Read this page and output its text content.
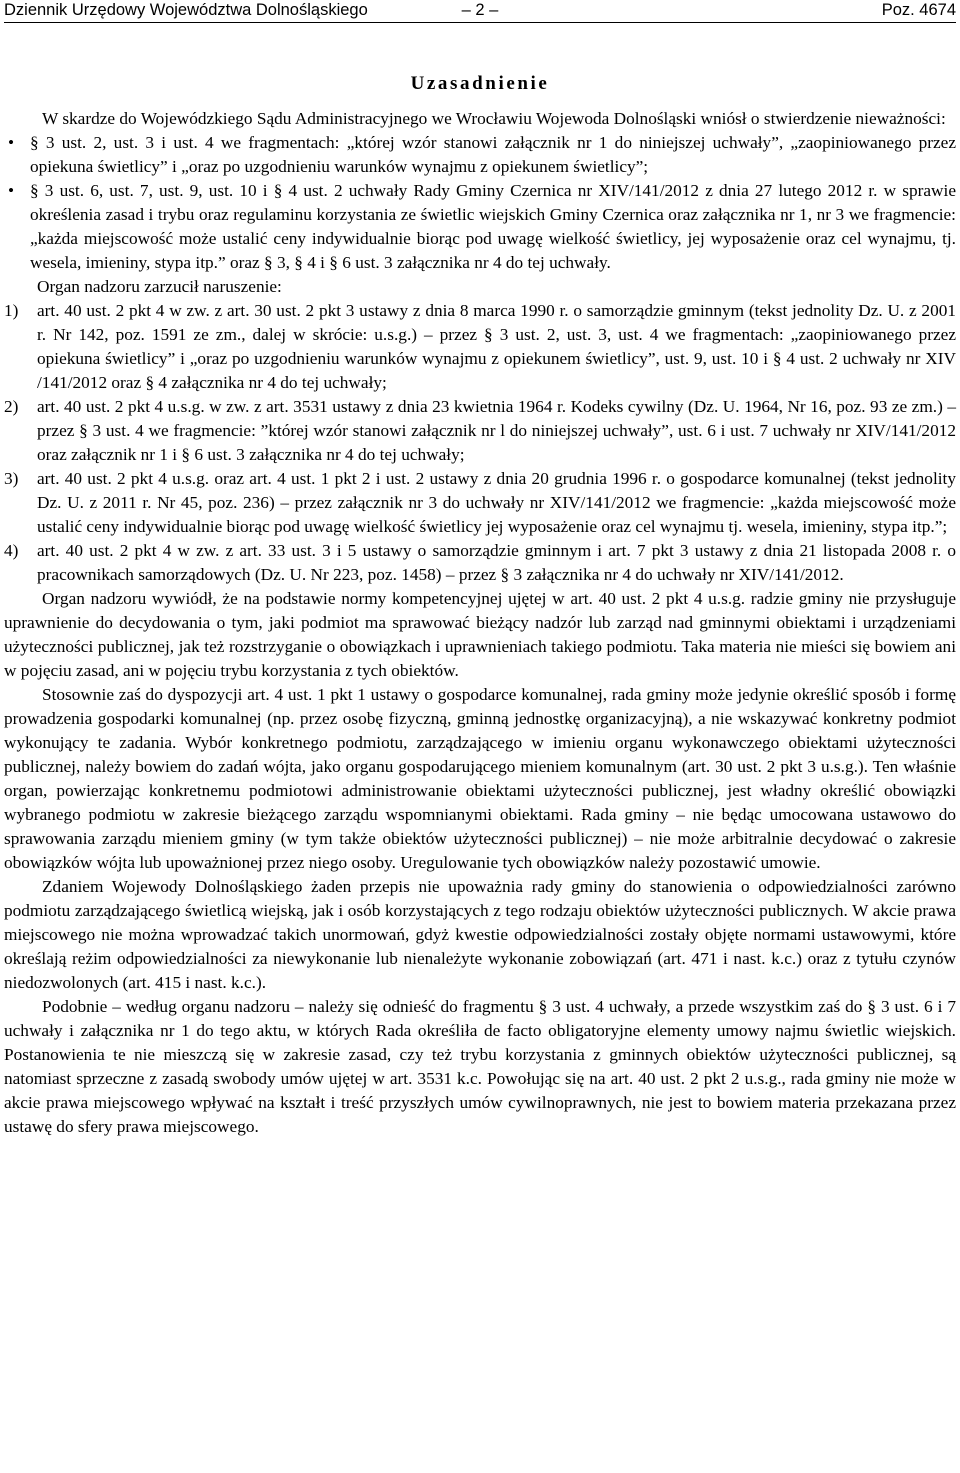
Dziennik Urzędowy Województwa Dolnośląskiego	– 2 –	Poz. 4674
Uzasadnienie

W skardze do Wojewódzkiego Sądu Administracyjnego we Wrocławiu Wojewoda Dolnośląski wniósł o stwierdzenie nieważności:

• § 3 ust. 2, ust. 3 i ust. 4 we fragmentach: „której wzór stanowi załącznik nr 1 do niniejszej uchwały”, „zaopiniowanego przez opiekuna świetlicy” i „oraz po uzgodnieniu warunków wynajmu z opiekunem świetlicy”;
• § 3 ust. 6, ust. 7, ust. 9, ust. 10 i § 4 ust. 2 uchwały Rady Gminy Czernica nr XIV/141/2012 z dnia 27 lutego 2012 r. w sprawie określenia zasad i trybu oraz regulaminu korzystania ze świetlic wiejskich Gminy Czernica oraz załącznika nr 1, nr 3 we fragmencie: „każda miejscowość może ustalić ceny indywidualnie biorąc pod uwagę wielkość świetlicy, jej wyposażenie oraz cel wynajmu, tj. wesela, imieniny, stypa itp.” oraz § 3, § 4 i § 6 ust. 3 załącznika nr 4 do tej uchwały.

Organ nadzoru zarzucił naruszenie:

1) art. 40 ust. 2 pkt 4 w zw. z art. 30 ust. 2 pkt 3 ustawy z dnia 8 marca 1990 r. o samorządzie gminnym (tekst jednolity Dz. U. z 2001 r. Nr 142, poz. 1591 ze zm., dalej w skrócie: u.s.g.) – przez § 3 ust. 2, ust. 3, ust. 4 we fragmentach: „zaopiniowanego przez opiekuna świetlicy” i „oraz po uzgodnieniu warunków wynajmu z opiekunem świetlicy”, ust. 9, ust. 10 i § 4 ust. 2 uchwały nr XIV /141/2012 oraz § 4 załącznika nr 4 do tej uchwały;
2) art. 40 ust. 2 pkt 4 u.s.g. w zw. z art. 3531 ustawy z dnia 23 kwietnia 1964 r. Kodeks cywilny (Dz. U. 1964, Nr 16, poz. 93 ze zm.) – przez § 3 ust. 4 we fragmencie: ”której wzór stanowi załącznik nr l do niniejszej uchwały”, ust. 6 i ust. 7 uchwały nr XIV/141/2012 oraz załącznik nr 1 i § 6 ust. 3 załącznika nr 4 do tej uchwały;
3) art. 40 ust. 2 pkt 4 u.s.g. oraz art. 4 ust. 1 pkt 2 i ust. 2 ustawy z dnia 20 grudnia 1996 r. o gospodarce komunalnej (tekst jednolity Dz. U. z 2011 r. Nr 45, poz. 236) – przez załącznik nr 3 do uchwały nr XIV/141/2012 we fragmencie: „każda miejscowość może ustalić ceny indywidualnie biorąc pod uwagę wielkość świetlicy jej wyposażenie oraz cel wynajmu tj. wesela, imieniny, stypa itp.”;
4) art. 40 ust. 2 pkt 4 w zw. z art. 33 ust. 3 i 5 ustawy o samorządzie gminnym i art. 7 pkt 3 ustawy z dnia 21 listopada 2008 r. o pracownikach samorządowych (Dz. U. Nr 223, poz. 1458) – przez § 3 załącznika nr 4 do uchwały nr XIV/141/2012.

Organ nadzoru wywiódł, że na podstawie normy kompetencyjnej ujętej w art. 40 ust. 2 pkt 4 u.s.g. radzie gminy nie przysługuje uprawnienie do decydowania o tym, jaki podmiot ma sprawować bieżący nadzór lub zarząd nad gminnymi obiektami i urządzeniami użyteczności publicznej, jak też rozstrzyganie o obowiązkach i uprawnieniach takiego podmiotu. Taka materia nie mieści się bowiem ani w pojęciu zasad, ani w pojęciu trybu korzystania z tych obiektów.

Stosownie zaś do dyspozycji art. 4 ust. 1 pkt 1 ustawy o gospodarce komunalnej, rada gminy może jedynie określić sposób i formę prowadzenia gospodarki komunalnej (np. przez osobę fizyczną, gminną jednostkę organizacyjną), a nie wskazywać konkretny podmiot wykonujący te zadania. Wybór konkretnego podmiotu, zarządzającego w imieniu organu wykonawczego obiektami użyteczności publicznej, należy bowiem do zadań wójta, jako organu gospodarującego mieniem komunalnym (art. 30 ust. 2 pkt 3 u.s.g.). Ten właśnie organ, powierzając konkretnemu podmiotowi administrowanie obiektami użyteczności publicznej, jest władny określić obowiązki wybranego podmiotu w zakresie bieżącego zarządu wspomnianymi obiektami. Rada gminy – nie będąc umocowana ustawowo do sprawowania zarządu mieniem gminy (w tym także obiektów użyteczności publicznej) – nie może arbitralnie decydować o zakresie obowiązków wójta lub upoważnionej przez niego osoby. Uregulowanie tych obowiązków należy pozostawić umowie.

Zdaniem Wojewody Dolnośląskiego żaden przepis nie upoważnia rady gminy do stanowienia o odpowiedzialności zarówno podmiotu zarządzającego świetlicą wiejską, jak i osób korzystających z tego rodzaju obiektów użyteczności publicznych. W akcie prawa miejscowego nie można wprowadzać takich unormowań, gdyż kwestie odpowiedzialności zostały objęte normami ustawowymi, które określają reżim odpowiedzialności za niewykonanie lub nienależyte wykonanie zobowiązań (art. 471 i nast. k.c.) oraz z tytułu czynów niedozwolonych (art. 415 i nast. k.c.).

Podobnie – według organu nadzoru – należy się odnieść do fragmentu § 3 ust. 4 uchwały, a przede wszystkim zaś do § 3 ust. 6 i 7 uchwały i załącznika nr 1 do tego aktu, w których Rada określiła de facto obligatoryjne elementy umowy najmu świetlic wiejskich. Postanowienia te nie mieszczą się w zakresie zasad, czy też trybu korzystania z gminnych obiektów użyteczności publicznej, są natomiast sprzeczne z zasadą swobody umów ujętej w art. 3531 k.c. Powołując się na art. 40 ust. 2 pkt 2 u.s.g., rada gminy nie może w akcie prawa miejscowego wpływać na kształt i treść przyszłych umów cywilnoprawnych, nie jest to bowiem materia przekazana przez ustawę do sfery prawa miejscowego.
